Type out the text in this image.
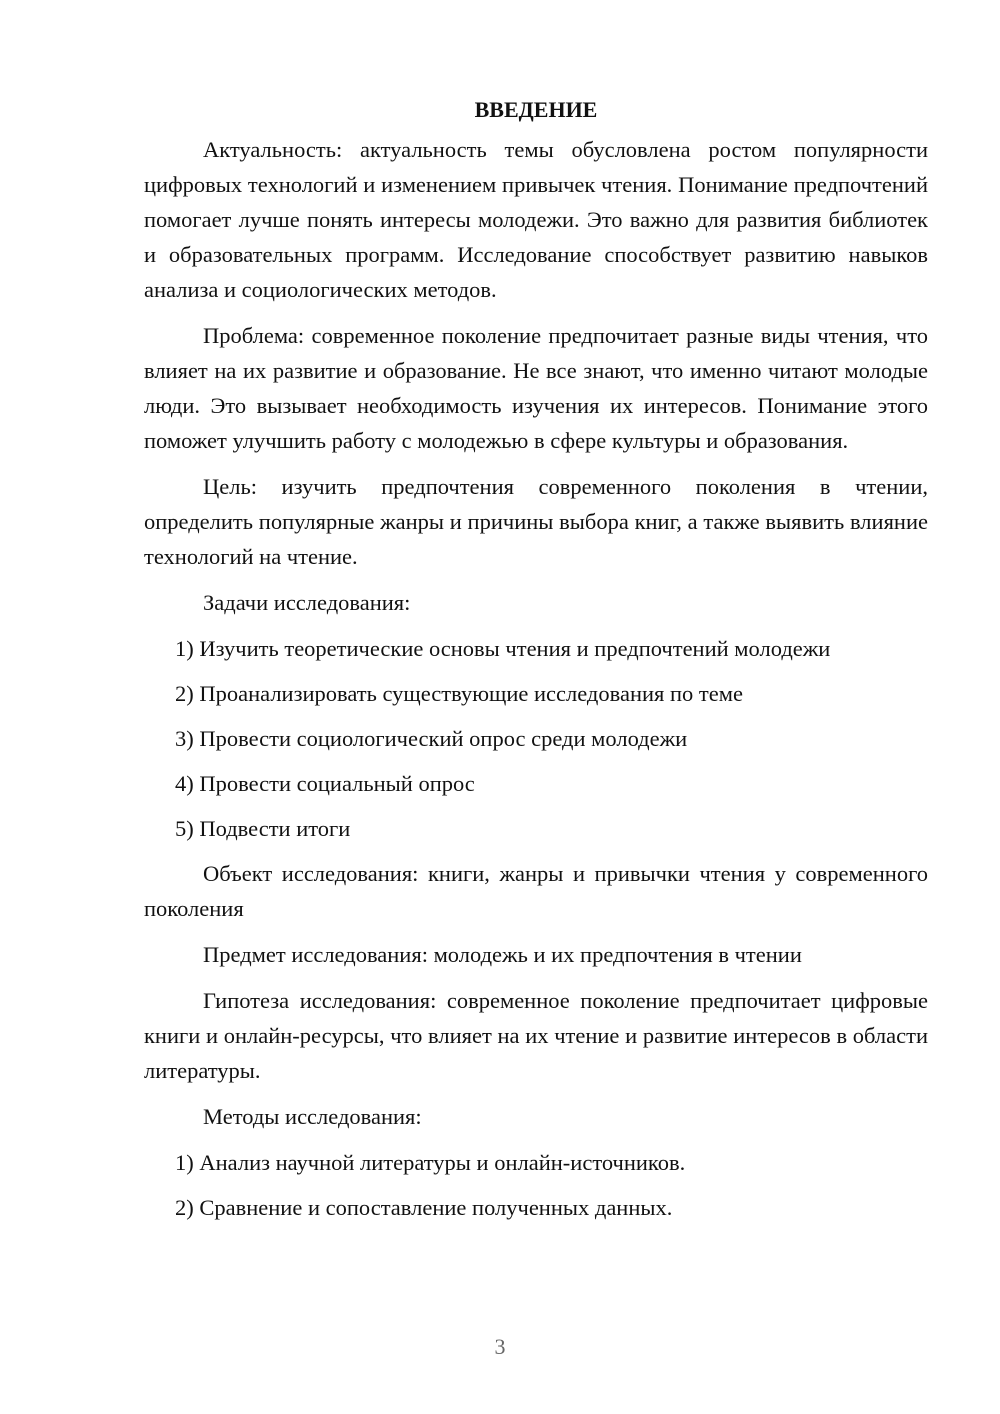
ВВЕДЕНИЕ

Актуальность: актуальность темы обусловлена ростом популярности цифровых технологий и изменением привычек чтения. Понимание предпочтений помогает лучше понять интересы молодежи. Это важно для развития библиотек и образовательных программ. Исследование способствует развитию навыков анализа и социологических методов.

Проблема: современное поколение предпочитает разные виды чтения, что влияет на их развитие и образование. Не все знают, что именно читают молодые люди. Это вызывает необходимость изучения их интересов. Понимание этого поможет улучшить работу с молодежью в сфере культуры и образования.

Цель: изучить предпочтения современного поколения в чтении, определить популярные жанры и причины выбора книг, а также выявить влияние технологий на чтение.

Задачи исследования:

1) Изучить теоретические основы чтения и предпочтений молодежи
2) Проанализировать существующие исследования по теме
3) Провести социологический опрос среди молодежи
4) Провести социальный опрос
5) Подвести итоги

Объект исследования: книги, жанры и привычки чтения у современного поколения

Предмет исследования: молодежь и их предпочтения в чтении

Гипотеза исследования: современное поколение предпочитает цифровые книги и онлайн-ресурсы, что влияет на их чтение и развитие интересов в области литературы.

Методы исследования:

1) Анализ научной литературы и онлайн-источников.
2) Сравнение и сопоставление полученных данных.
3
